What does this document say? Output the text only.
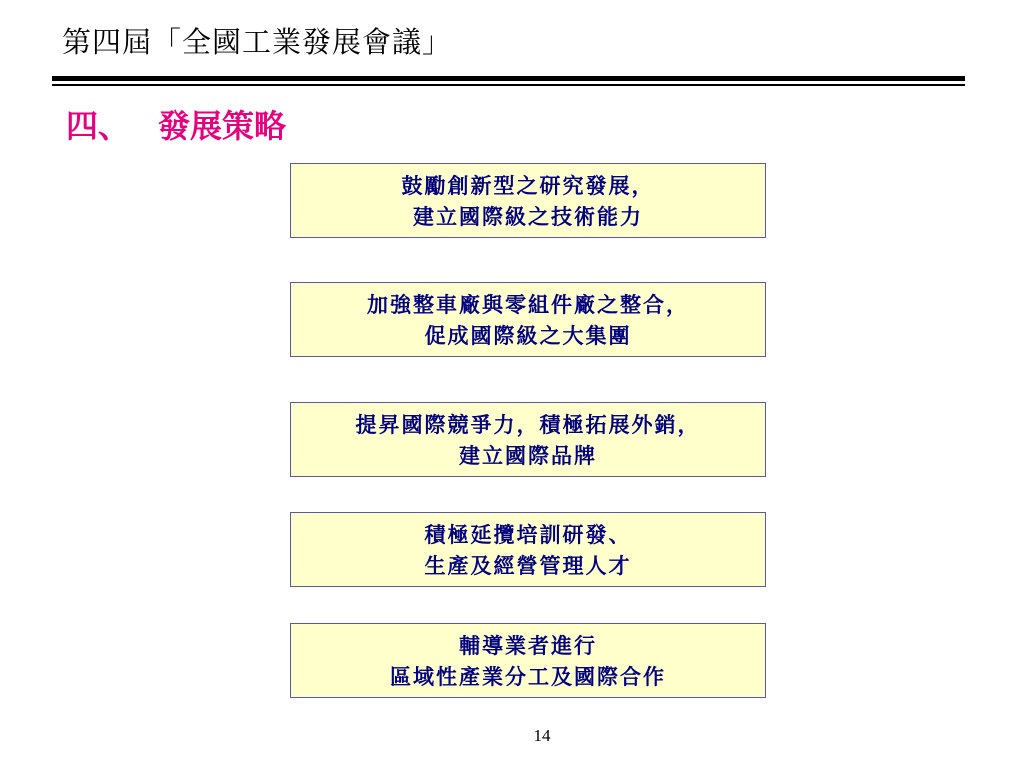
第四屆「全國工業發展會議」
四、 發展策略
鼓勵創新型之研究發展，
建立國際級之技術能力
加強整車廠與零組件廠之整合，
促成國際級之大集團
提昇國際競爭力，積極拓展外銷，
建立國際品牌
積極延攬培訓研發、
生產及經營管理人才
輔導業者進行
區域性產業分工及國際合作
14
